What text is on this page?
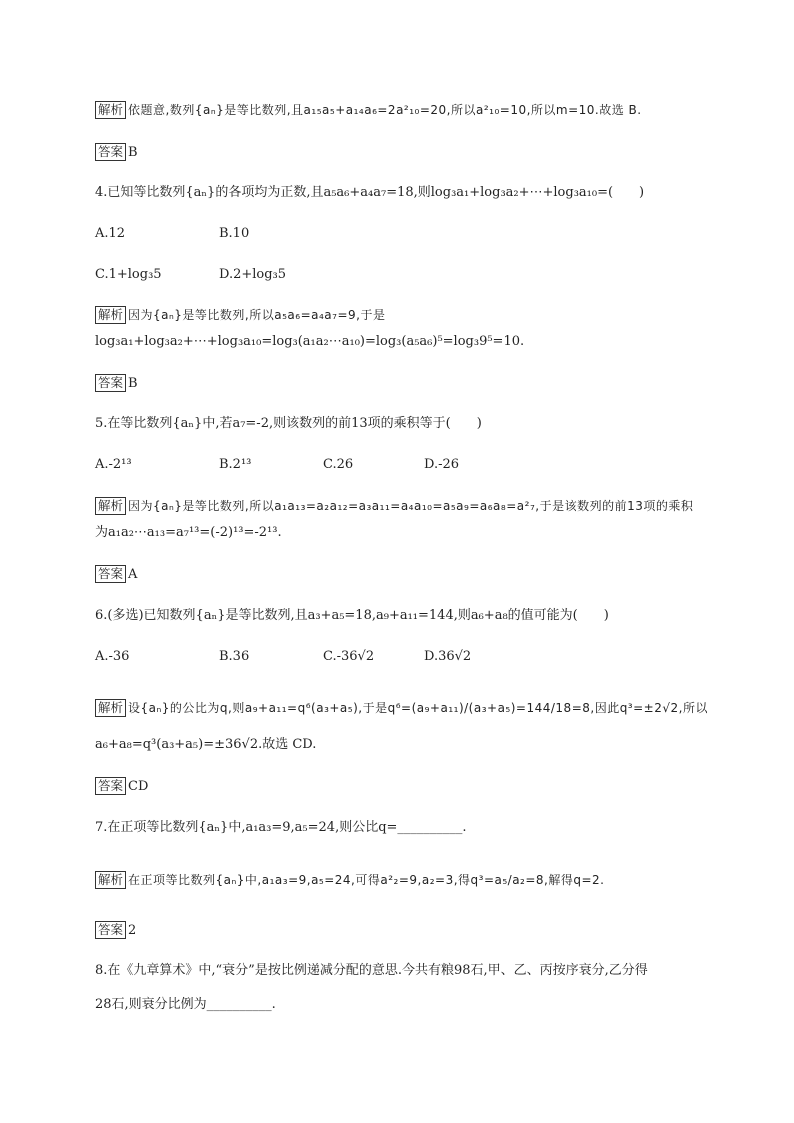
解析 依题意,数列{aₙ}是等比数列,且a₁₅a₅+a₁₄a₆=2a²₁₀=20,所以a²₁₀=10,所以m=10.故选 B.
答案 B
4.已知等比数列{aₙ}的各项均为正数,且a₅a₆+a₄a₇=18,则log₃a₁+log₃a₂+⋯+log₃a₁₀=(　　)
A.12	B.10
C.1+log₃5	D.2+log₃5
解析 因为{aₙ}是等比数列,所以a₅a₆=a₄a₇=9,于是
log₃a₁+log₃a₂+⋯+log₃a₁₀=log₃(a₁a₂⋯a₁₀)=log₃(a₅a₆)⁵=log₃9⁵=10.
答案 B
5.在等比数列{aₙ}中,若a₇=-2,则该数列的前13项的乘积等于(　　)
A.-2¹³	B.2¹³	C.26	D.-26
解析 因为{aₙ}是等比数列,所以a₁a₁₃=a₂a₁₂=a₃a₁₁=a₄a₁₀=a₅a₉=a₆a₈=a²₇,于是该数列的前13项的乘积
为a₁a₂⋯a₁₃=a₇¹³=(-2)¹³=-2¹³.
答案 A
6.(多选)已知数列{aₙ}是等比数列,且a₃+a₅=18,a₉+a₁₁=144,则a₆+a₈的值可能为(　　)
A.-36	B.36	C.-36√2	D.36√2
解析 设{aₙ}的公比为q,则a₉+a₁₁=q⁶(a₃+a₅),于是q⁶=(a₉+a₁₁)/(a₃+a₅)=144/18=8,因此q³=±2√2,所以
a₆+a₈=q³(a₃+a₅)=±36√2.故选 CD.
答案 CD
7.在正项等比数列{aₙ}中,a₁a₃=9,a₅=24,则公比q=__________.
解析 在正项等比数列{aₙ}中,a₁a₃=9,a₅=24,可得a²₂=9,a₂=3,得q³=a₅/a₂=8,解得q=2.
答案 2
8.在《九章算术》中,“衰分”是按比例递减分配的意思.今共有粮98石,甲、乙、丙按序衰分,乙分得
28石,则衰分比例为__________.
